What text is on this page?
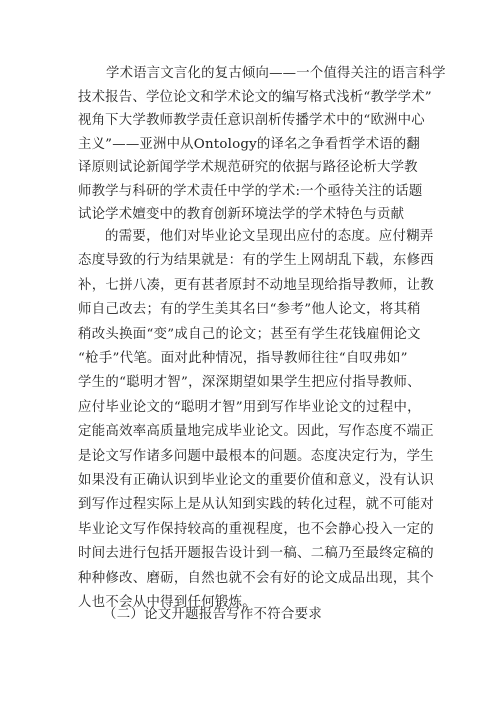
学术语言文言化的复古倾向——一个值得关注的语言科学
技术报告、学位论文和学术论文的编写格式浅析“教学学术”
视角下大学教师教学责任意识剖析传播学术中的“欧洲中心
主义”——亚洲中从Ontology的译名之争看哲学术语的翻
译原则试论新闻学学术规范研究的依据与路径论析大学教
师教学与科研的学术责任中学的学术:一个亟待关注的话题
试论学术嬗变中的教育创新环境法学的学术特色与贡献
的需要，他们对毕业论文呈现出应付的态度。应付糊弄
态度导致的行为结果就是：有的学生上网胡乱下载，东修西
补，七拼八凑，更有甚者原封不动地呈现给指导教师，让教
师自己改去；有的学生美其名曰“参考”他人论文，将其稍
稍改头换面“变”成自己的论文；甚至有学生花钱雇佣论文
“枪手”代笔。面对此种情况，指导教师往往“自叹弗如”
学生的“聪明才智”，深深期望如果学生把应付指导教师、
应付毕业论文的“聪明才智”用到写作毕业论文的过程中，
定能高效率高质量地完成毕业论文。因此，写作态度不端正
是论文写作诸多问题中最根本的问题。态度决定行为，学生
如果没有正确认识到毕业论文的重要价值和意义，没有认识
到写作过程实际上是从认知到实践的转化过程，就不可能对
毕业论文写作保持较高的重视程度，也不会静心投入一定的
时间去进行包括开题报告设计到一稿、二稿乃至最终定稿的
种种修改、磨砺，自然也就不会有好的论文成品出现，其个
人也不会从中得到任何锻炼。
（二）论文开题报告写作不符合要求
